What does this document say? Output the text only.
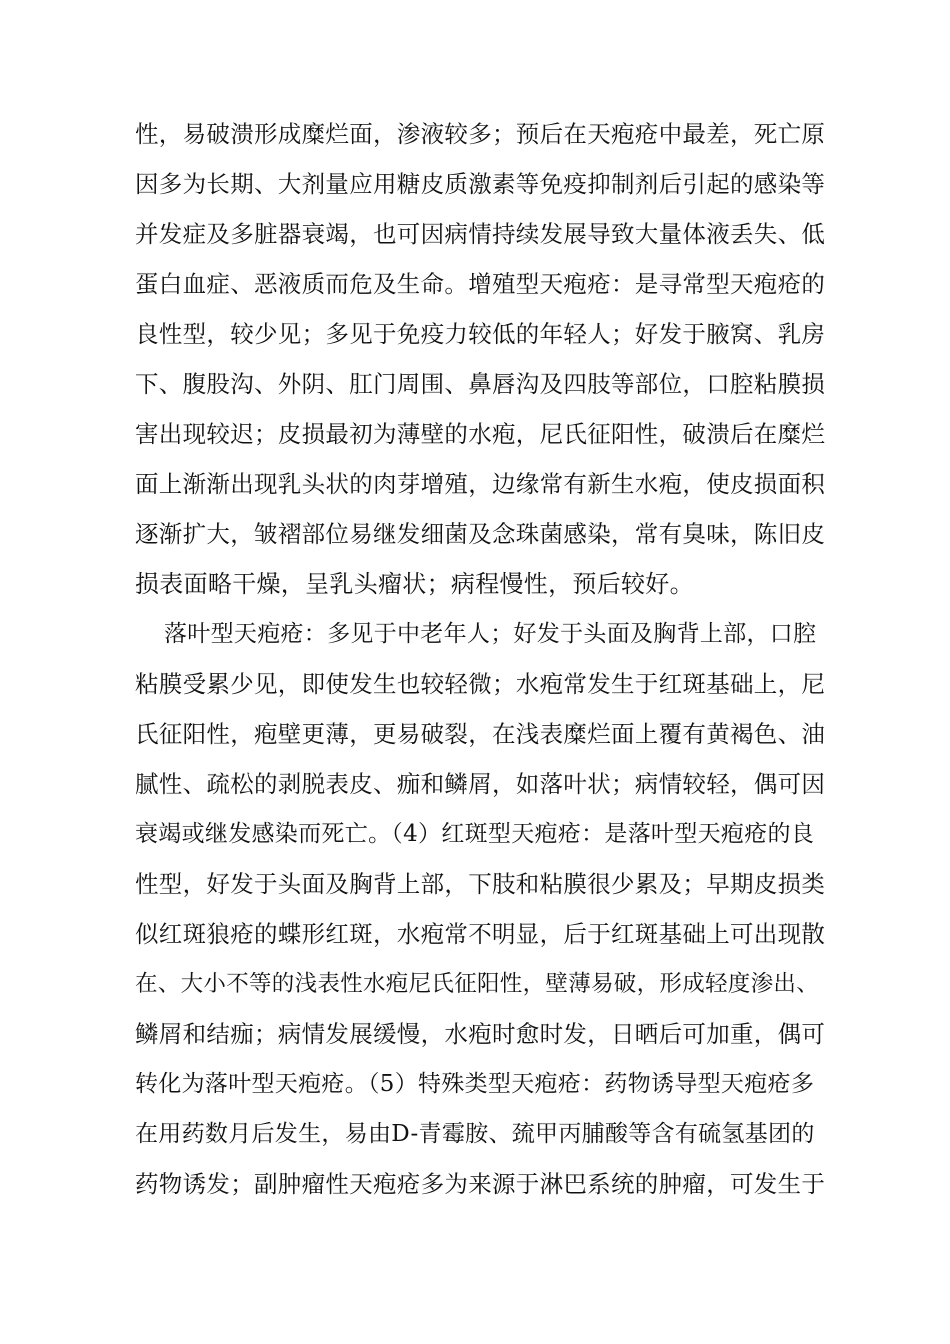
性，易破溃形成糜烂面，渗液较多；预后在天疱疮中最差，死亡原
因多为长期、大剂量应用糖皮质激素等免疫抑制剂后引起的感染等
并发症及多脏器衰竭，也可因病情持续发展导致大量体液丢失、低
蛋白血症、恶液质而危及生命。增殖型天疱疮：是寻常型天疱疮的
良性型，较少见；多见于免疫力较低的年轻人；好发于腋窝、乳房
下、腹股沟、外阴、肛门周围、鼻唇沟及四肢等部位，口腔粘膜损
害出现较迟；皮损最初为薄壁的水疱，尼氏征阳性，破溃后在糜烂
面上渐渐出现乳头状的肉芽增殖，边缘常有新生水疱，使皮损面积
逐渐扩大，皱褶部位易继发细菌及念珠菌感染，常有臭味，陈旧皮
损表面略干燥，呈乳头瘤状；病程慢性，预后较好。
落叶型天疱疮：多见于中老年人；好发于头面及胸背上部，口腔
粘膜受累少见，即使发生也较轻微；水疱常发生于红斑基础上，尼
氏征阳性，疱壁更薄，更易破裂，在浅表糜烂面上覆有黄褐色、油
腻性、疏松的剥脱表皮、痂和鳞屑，如落叶状；病情较轻，偶可因
衰竭或继发感染而死亡。（4）红斑型天疱疮：是落叶型天疱疮的良
性型，好发于头面及胸背上部，下肢和粘膜很少累及；早期皮损类
似红斑狼疮的蝶形红斑，水疱常不明显，后于红斑基础上可出现散
在、大小不等的浅表性水疱尼氏征阳性，壁薄易破，形成轻度渗出、
鳞屑和结痂；病情发展缓慢，水疱时愈时发，日晒后可加重，偶可
转化为落叶型天疱疮。（5）特殊类型天疱疮：药物诱导型天疱疮多
在用药数月后发生，易由D-青霉胺、巯甲丙脯酸等含有硫氢基团的
药物诱发；副肿瘤性天疱疮多为来源于淋巴系统的肿瘤，可发生于
